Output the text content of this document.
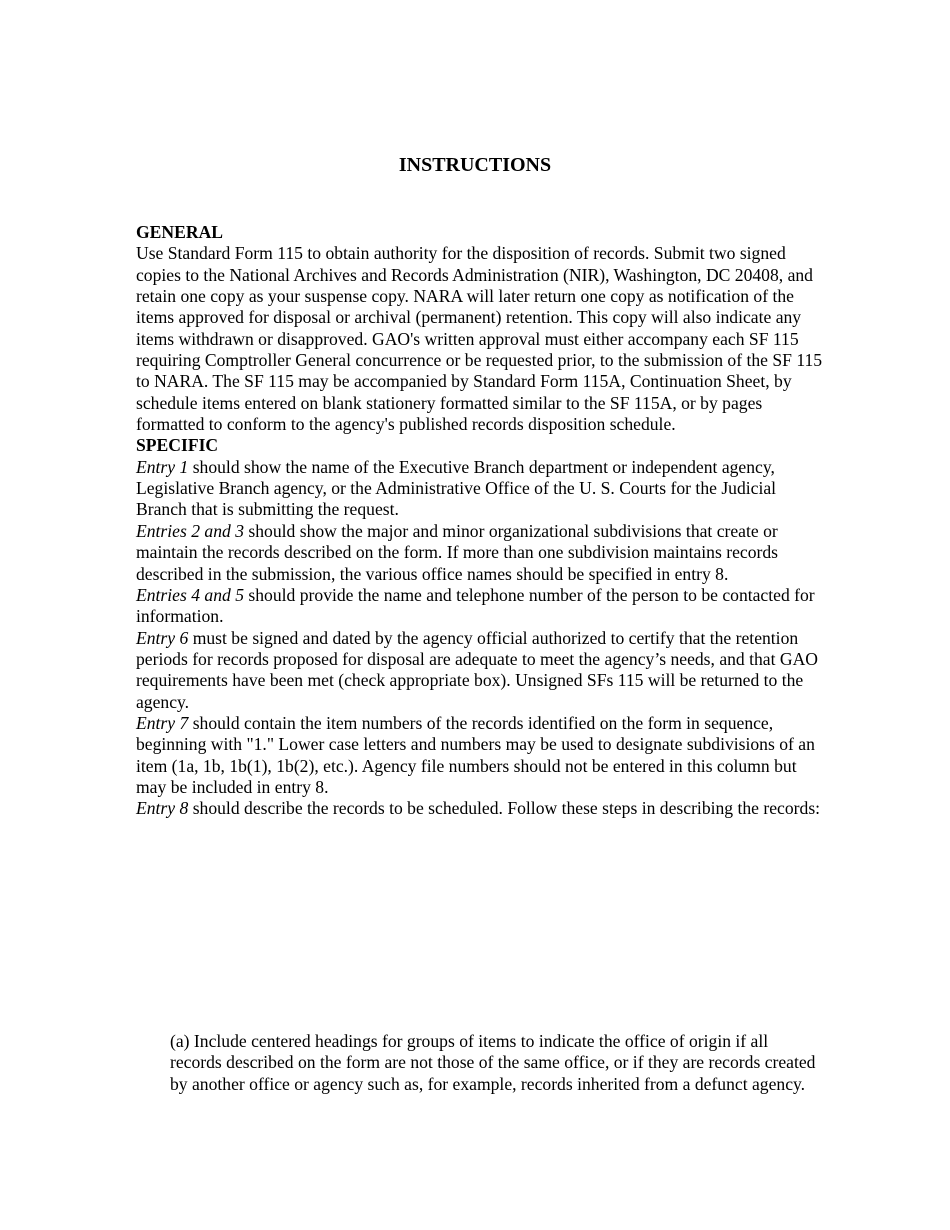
INSTRUCTIONS

GENERAL

Use Standard Form 115 to obtain authority for the disposition of records. Submit two signed copies to the National Archives and Records Administration (NIR), Washington, DC 20408, and retain one copy as your suspense copy. NARA will later return one copy as notification of the items approved for disposal or archival (permanent) retention. This copy will also indicate any items withdrawn or disapproved. GAO's written approval must either accompany each SF 115 requiring Comptroller General concurrence or be requested prior, to the submission of the SF 115 to NARA. The SF 115 may be accompanied by Standard Form 115A, Continuation Sheet, by schedule items entered on blank stationery formatted similar to the SF 115A, or by pages formatted to conform to the agency's published records disposition schedule.

SPECIFIC

Entry 1 should show the name of the Executive Branch department or independent agency, Legislative Branch agency, or the Administrative Office of the U. S. Courts for the Judicial Branch that is submitting the request.

Entries 2 and 3 should show the major and minor organizational subdivisions that create or maintain the records described on the form. If more than one subdivision maintains records described in the submission, the various office names should be specified in entry 8.

Entries 4 and 5 should provide the name and telephone number of the person to be contacted for information.

Entry 6 must be signed and dated by the agency official authorized to certify that the retention periods for records proposed for disposal are adequate to meet the agency’s needs, and that GAO requirements have been met (check appropriate box). Unsigned SFs 115 will be returned to the agency.

Entry 7 should contain the item numbers of the records identified on the form in sequence, beginning with "1." Lower case letters and numbers may be used to designate subdivisions of an item (1a, 1b, 1b(1), 1b(2), etc.). Agency file numbers should not be entered in this column but may be included in entry 8.

Entry 8 should describe the records to be scheduled. Follow these steps in describing the records:

(a) Include centered headings for groups of items to indicate the office of origin if all records described on the form are not those of the same office, or if they are records created by another office or agency such as, for example, records inherited from a defunct agency.
